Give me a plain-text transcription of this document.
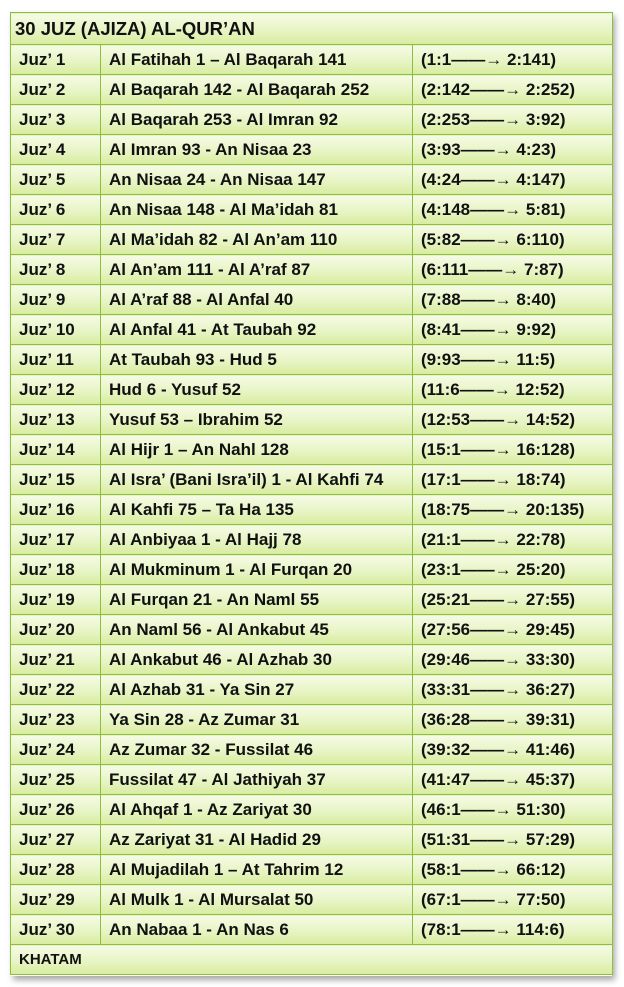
30 JUZ (AJIZA) AL-QUR’AN		
Juz’ 1	Al Fatihah 1 – Al Baqarah 141	(1:1——→ 2:141)
Juz’ 2	Al Baqarah 142 - Al Baqarah 252	(2:142——→ 2:252)
Juz’ 3	Al Baqarah 253 - Al Imran 92	(2:253——→ 3:92)
Juz’ 4	Al Imran 93 - An Nisaa 23	(3:93——→ 4:23)
Juz’ 5	An Nisaa 24 - An Nisaa 147	(4:24——→ 4:147)
Juz’ 6	An Nisaa 148 - Al Ma’idah 81	(4:148——→ 5:81)
Juz’ 7	Al Ma’idah 82 - Al An’am 110	(5:82——→ 6:110)
Juz’ 8	Al An’am 111 - Al A’raf 87	(6:111——→ 7:87)
Juz’ 9	Al A’raf 88 - Al Anfal 40	(7:88——→ 8:40)
Juz’ 10	Al Anfal 41 - At Taubah 92	(8:41——→ 9:92)
Juz’ 11	At Taubah 93 - Hud 5	(9:93——→ 11:5)
Juz’ 12	Hud 6 - Yusuf 52	(11:6——→ 12:52)
Juz’ 13	Yusuf 53 – Ibrahim 52	(12:53——→ 14:52)
Juz’ 14	Al Hijr 1 – An Nahl 128	(15:1——→ 16:128)
Juz’ 15	Al Isra’ (Bani Isra’il) 1 - Al Kahfi 74	(17:1——→ 18:74)
Juz’ 16	Al Kahfi 75 – Ta Ha 135	(18:75——→ 20:135)
Juz’ 17	Al Anbiyaa 1 - Al Hajj 78	(21:1——→ 22:78)
Juz’ 18	Al Mukminum 1 - Al Furqan 20	(23:1——→ 25:20)
Juz’ 19	Al Furqan 21 - An Naml 55	(25:21——→ 27:55)
Juz’ 20	An Naml 56 - Al Ankabut 45	(27:56——→ 29:45)
Juz’ 21	Al Ankabut 46 - Al Azhab 30	(29:46——→ 33:30)
Juz’ 22	Al Azhab 31 - Ya Sin 27	(33:31——→ 36:27)
Juz’ 23	Ya Sin 28 - Az Zumar 31	(36:28——→ 39:31)
Juz’ 24	Az Zumar 32 - Fussilat 46	(39:32——→ 41:46)
Juz’ 25	Fussilat 47 - Al Jathiyah 37	(41:47——→ 45:37)
Juz’ 26	Al Ahqaf 1 - Az Zariyat 30	(46:1——→ 51:30)
Juz’ 27	Az Zariyat 31 - Al Hadid 29	(51:31——→ 57:29)
Juz’ 28	Al Mujadilah 1 – At Tahrim 12	(58:1——→ 66:12)
Juz’ 29	Al Mulk 1 - Al Mursalat 50	(67:1——→ 77:50)
Juz’ 30	An Nabaa 1 - An Nas 6	(78:1——→ 114:6)
KHATAM		
